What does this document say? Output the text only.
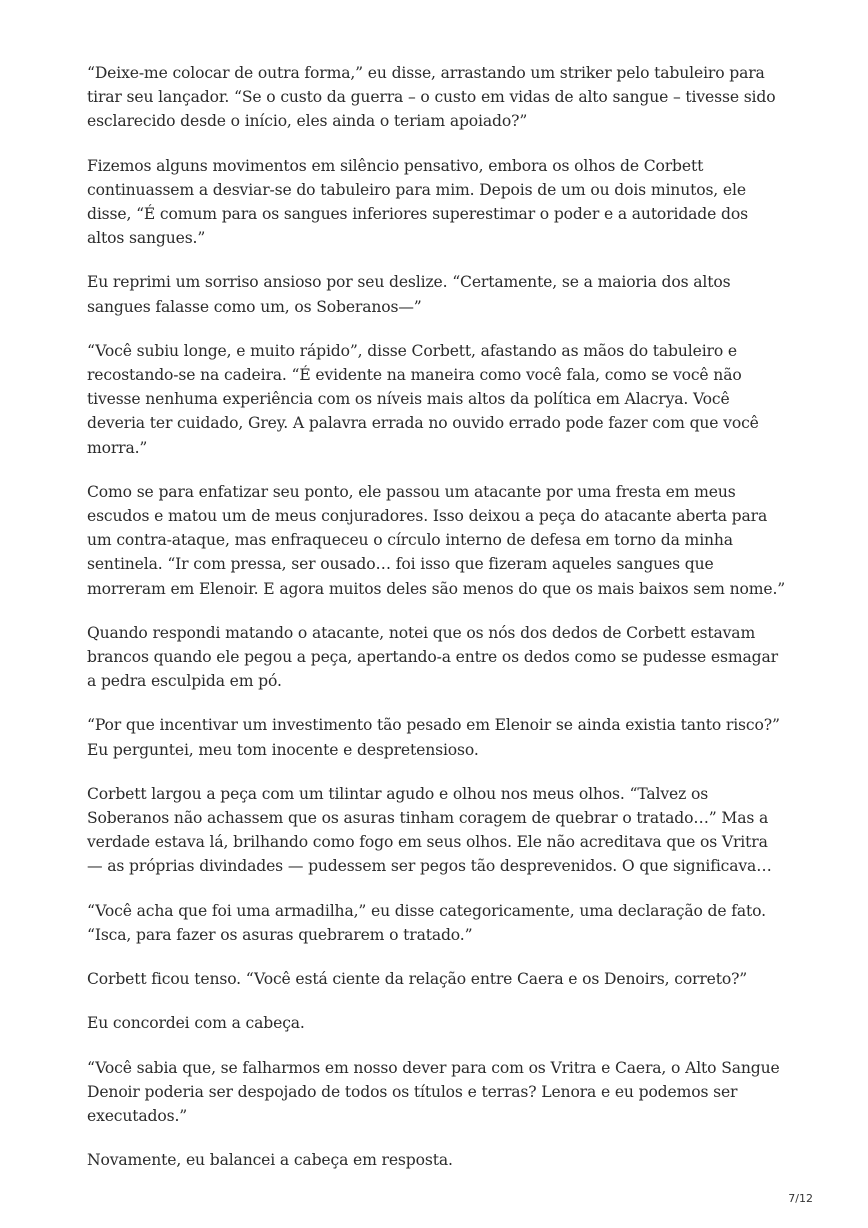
“Deixe-me colocar de outra forma,” eu disse, arrastando um striker pelo tabuleiro para tirar seu lançador. “Se o custo da guerra – o custo em vidas de alto sangue – tivesse sido esclarecido desde o início, eles ainda o teriam apoiado?”

Fizemos alguns movimentos em silêncio pensativo, embora os olhos de Corbett continuassem a desviar-se do tabuleiro para mim. Depois de um ou dois minutos, ele disse, “É comum para os sangues inferiores superestimar o poder e a autoridade dos altos sangues.”

Eu reprimi um sorriso ansioso por seu deslize. “Certamente, se a maioria dos altos sangues falasse como um, os Soberanos—”

“Você subiu longe, e muito rápido”, disse Corbett, afastando as mãos do tabuleiro e recostando-se na cadeira. “É evidente na maneira como você fala, como se você não tivesse nenhuma experiência com os níveis mais altos da política em Alacrya. Você deveria ter cuidado, Grey. A palavra errada no ouvido errado pode fazer com que você morra.”

Como se para enfatizar seu ponto, ele passou um atacante por uma fresta em meus escudos e matou um de meus conjuradores. Isso deixou a peça do atacante aberta para um contra-ataque, mas enfraqueceu o círculo interno de defesa em torno da minha sentinela. “Ir com pressa, ser ousado… foi isso que fizeram aqueles sangues que morreram em Elenoir. E agora muitos deles são menos do que os mais baixos sem nome.”

Quando respondi matando o atacante, notei que os nós dos dedos de Corbett estavam brancos quando ele pegou a peça, apertando-a entre os dedos como se pudesse esmagar a pedra esculpida em pó.

“Por que incentivar um investimento tão pesado em Elenoir se ainda existia tanto risco?” Eu perguntei, meu tom inocente e despretensioso.

Corbett largou a peça com um tilintar agudo e olhou nos meus olhos. “Talvez os Soberanos não achassem que os asuras tinham coragem de quebrar o tratado…” Mas a verdade estava lá, brilhando como fogo em seus olhos. Ele não acreditava que os Vritra — as próprias divindades — pudessem ser pegos tão desprevenidos. O que significava…

“Você acha que foi uma armadilha,” eu disse categoricamente, uma declaração de fato. “Isca, para fazer os asuras quebrarem o tratado.”

Corbett ficou tenso. “Você está ciente da relação entre Caera e os Denoirs, correto?”

Eu concordei com a cabeça.

“Você sabia que, se falharmos em nosso dever para com os Vritra e Caera, o Alto Sangue Denoir poderia ser despojado de todos os títulos e terras? Lenora e eu podemos ser executados.”

Novamente, eu balancei a cabeça em resposta.

7/12
